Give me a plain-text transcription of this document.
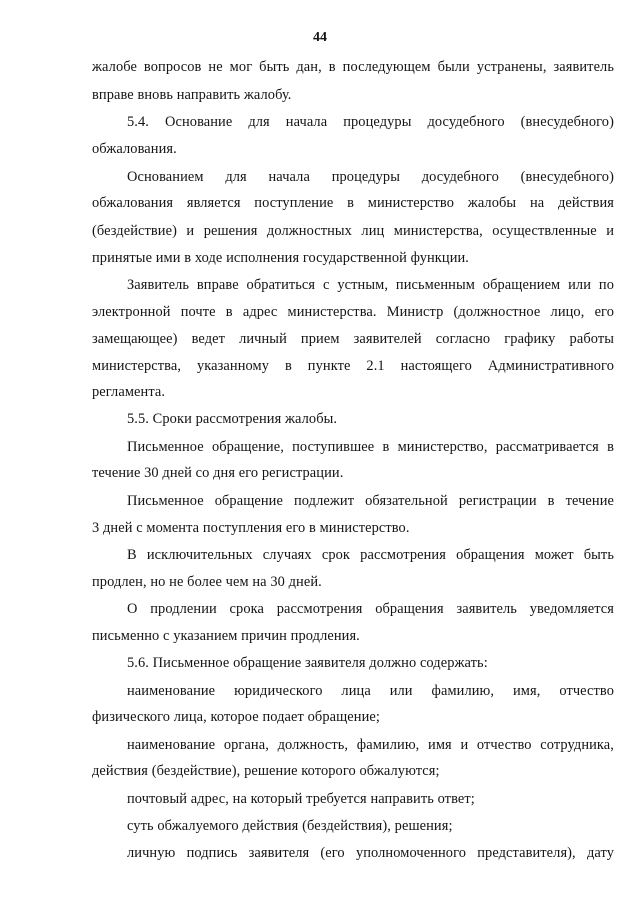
44
жалобе вопросов не мог быть дан, в последующем были устранены, заявитель
вправе вновь направить жалобу.
5.4. Основание для начала процедуры досудебного (внесудебного)
обжалования.
Основанием для начала процедуры досудебного (внесудебного)
обжалования является поступление в министерство жалобы на действия
(бездействие) и решения должностных лиц министерства, осуществленные и
принятые ими в ходе исполнения государственной функции.
Заявитель вправе обратиться с устным, письменным обращением или по
электронной почте в адрес министерства. Министр (должностное лицо, его
замещающее) ведет личный прием заявителей согласно графику работы
министерства, указанному в пункте 2.1 настоящего Административного
регламента.
5.5. Сроки рассмотрения жалобы.
Письменное обращение, поступившее в министерство, рассматривается в
течение 30 дней со дня его регистрации.
Письменное обращение подлежит обязательной регистрации в течение
3 дней с момента поступления его в министерство.
В исключительных случаях срок рассмотрения обращения может быть
продлен, но не более чем на 30 дней.
О продлении срока рассмотрения обращения заявитель уведомляется
письменно с указанием причин продления.
5.6. Письменное обращение заявителя должно содержать:
наименование юридического лица или фамилию, имя, отчество
физического лица, которое подает обращение;
наименование органа, должность, фамилию, имя и отчество сотрудника,
действия (бездействие), решение которого обжалуются;
почтовый адрес, на который требуется направить ответ;
суть обжалуемого действия (бездействия), решения;
личную подпись заявителя (его уполномоченного представителя), дату
